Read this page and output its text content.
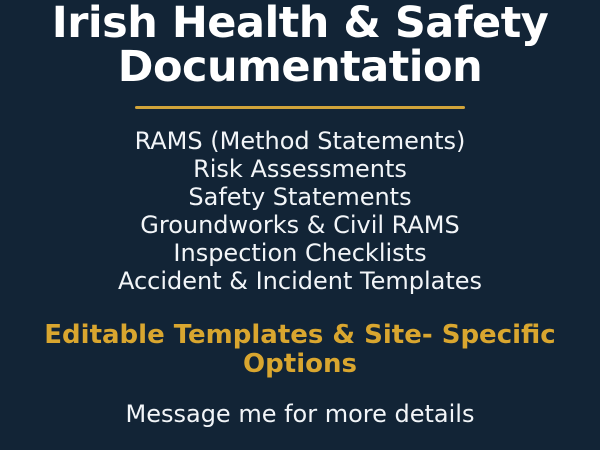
Irish Health & Safety
Documentation
RAMS (Method Statements)
Risk Assessments
Safety Statements
Groundworks & Civil RAMS
Inspection Checklists
Accident & Incident Templates
Editable Templates & Site- Specific Options
Message me for more details
